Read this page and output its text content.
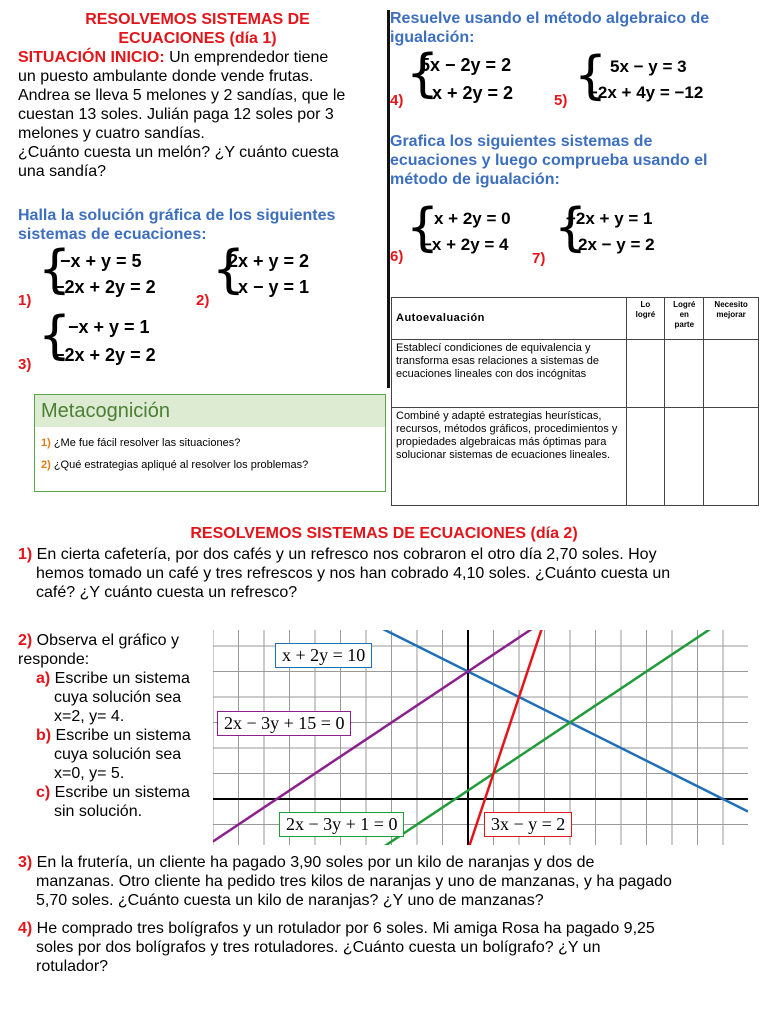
RESOLVEMOS SISTEMAS DE
ECUACIONES (día 1)
SITUACIÓN INICIO: Un emprendedor tiene
un puesto ambulante donde vende frutas.
Andrea se lleva 5 melones y 2 sandías, que le
cuestan 13 soles. Julián paga 12 soles por 3
melones y cuatro sandías.
¿Cuánto cuesta un melón? ¿Y cuánto cuesta
una sandía?
Halla la solución gráfica de los siguientes
sistemas de ecuaciones:
{
−x + y = 5
−2x + 2y = 2
1)
{
2x + y = 2
x − y = 1
2)
{
−x + y = 1
−2x + 2y = 2
3)
Metacognición
1) ¿Me fue fácil resolver las situaciones?
2) ¿Qué estrategias apliqué al resolver los problemas?
Resuelve usando el método algebraico de
igualación:
{
5x − 2y = 2
x + 2y = 2
4)	{ 5x − y = 3
−2x + 4y = −12
5)
Grafica los siguientes sistemas de
ecuaciones y luego comprueba usando el
método de igualación:
{
x + 2y = 0
−x + 2y = 4
6)	{
−2x + y = 1
2x − y = 2
7)
Autoevaluación	Lo logré	Logré en parte	Necesito mejorar
Establecí condiciones de equivalencia y transforma esas relaciones a sistemas de ecuaciones lineales con dos incógnitas			
Combiné y adapté estrategias heurísticas, recursos, métodos gráficos, procedimientos y propiedades algebraicas más óptimas para solucionar sistemas de ecuaciones lineales.			
RESOLVEMOS SISTEMAS DE ECUACIONES (día 2)
1) En cierta cafetería, por dos cafés y un refresco nos cobraron el otro día 2,70 soles. Hoy
hemos tomado un café y tres refrescos y nos han cobrado 4,10 soles. ¿Cuánto cuesta un
café? ¿Y cuánto cuesta un refresco?
2) Observa el gráfico y
responde:
a) Escribe un sistema
cuya solución sea
x=2, y= 4.
b) Escribe un sistema
cuya solución sea
x=0, y= 5.
c) Escribe un sistema
sin solución.
x + 2y = 10
2x − 3y + 15 = 0
2x − 3y + 1 = 0	3x − y = 2
3) En la frutería, un cliente ha pagado 3,90 soles por un kilo de naranjas y dos de
manzanas. Otro cliente ha pedido tres kilos de naranjas y uno de manzanas, y ha pagado
5,70 soles. ¿Cuánto cuesta un kilo de naranjas? ¿Y uno de manzanas?
4) He comprado tres bolígrafos y un rotulador por 6 soles. Mi amiga Rosa ha pagado 9,25
soles por dos bolígrafos y tres rotuladores. ¿Cuánto cuesta un bolígrafo? ¿Y un
rotulador?
